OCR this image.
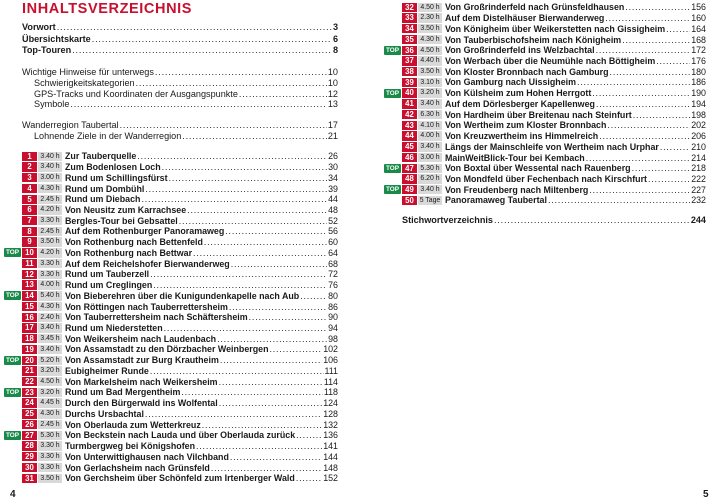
INHALTSVERZEICHNIS
Vorwort .....	3
Übersichtskarte .....	6
Top-Touren .....	8
Wichtige Hinweise für unterwegs .....	10
Schwierigkeitskategorien .....	10
GPS-Tracks und Koordinaten der Ausgangspunkte .....	12
Symbole .....	13
Wanderregion Taubertal .....	17
Lohnende Ziele in der Wanderregion .....	21
1	3.40 h Zur Tauberquelle .....	26
2	3.40 h Zum Bodenlosen Loch .....	30
3	3.00 h Rund um Schillingsfürst .....	34
4	4.30 h Rund um Dombühl .....	39
5	2.45 h Rund um Diebach .....	44
6	4.20 h Von Neusitz zum Karrachsee .....	48
7	3.30 h Bergles-Tour bei Gebsattel .....	52
8	2.45 h Auf dem Rothenburger Panoramaweg .....	56
9	3.50 h Von Rothenburg nach Bettenfeld .....	60
TOP 10 4.20 h Von Rothenburg nach Bettwar .....	64
11 3.30 h Auf dem Reichelshofer Bierwanderweg .....	68
12 3.30 h Rund um Tauberzell .....	72
13 4.00 h Rund um Creglingen .....	76
TOP 14 5.40 h Von Bieberehren über die Kunigundenkapelle nach Aub .....	80
15 4.30 h Von Röttingen nach Tauberrettersheim .....	86
16 2.40 h Von Tauberrettersheim nach Schäftersheim .....	90
17 3.40 h Rund um Niederstetten .....	94
18 3.45 h Von Weikersheim nach Laudenbach .....	98
19 3.40 h Von Assamstadt zu den Dörzbacher Weinbergen .....	102
TOP 20 5.20 h Von Assamstadt zur Burg Krautheim .....	106
21 3.20 h Eubigheimer Runde .....	111
22 4.50 h Von Markelsheim nach Weikersheim .....	114
TOP 23 3.20 h Rund um Bad Mergentheim .....	118
24 4.45 h Durch den Bürgerwald ins Wolfental .....	124
25 4.30 h Durchs Ursbachtal .....	128
26 2.45 h Von Oberlauda zum Wetterkreuz .....	132
TOP 27 5.30 h Von Beckstein nach Lauda und über Oberlauda zurück .....	136
28 3.30 h Turmbergweg bei Königshofen .....	141
29 3.30 h Von Unterwittighausen nach Vilchband .....	144
30 3.30 h Von Gerlachsheim nach Grünsfeld .....	148
31 3.50 h Von Gerchsheim über Schönfeld zum Irtenberger Wald .....	152
4
32 4.50 h Von Großrinderfeld nach Grünsfeldhausen .....	156
33 2.30 h Auf dem Distelhäuser Bierwanderweg .....	160
34 3.50 h Von Königheim über Weikerstetten nach Gissigheim .....	164
35 4.30 h Von Tauberbischofsheim nach Königheim .....	168
TOP 36 4.50 h Von Großrinderfeld ins Welzbachtal .....	172
37 4.40 h Von Werbach über die Neumühle nach Böttigheim .....	176
38 3.50 h Von Kloster Bronnbach nach Gamburg .....	180
39 3.10 h Von Gamburg nach Uissigheim .....	186
TOP 40 3.20 h Von Külsheim zum Hohen Herrgott .....	190
41 3.40 h Auf dem Dörlesberger Kapellenweg .....	194
42 6.30 h Von Hardheim über Breitenau nach Steinfurt .....	198
43 4.10 h Von Wertheim zum Kloster Bronnbach .....	202
44 4.00 h Von Kreuzwertheim ins Himmelreich .....	206
45 3.40 h Längs der Mainschleife von Wertheim nach Urphar .....	210
46 3.00 h MainWeitBlick-Tour bei Kembach .....	214
TOP 47 5.30 h Von Boxtal über Wessental nach Rauenberg .....	218
48 6.20 h Von Mondfeld über Fechenbach nach Kirschfurt .....	222
TOP 49 3.40 h Von Freudenberg nach Miltenberg .....	227
50 5 Tage Panoramaweg Taubertal .....	232
Stichwortverzeichnis .....	244
5
